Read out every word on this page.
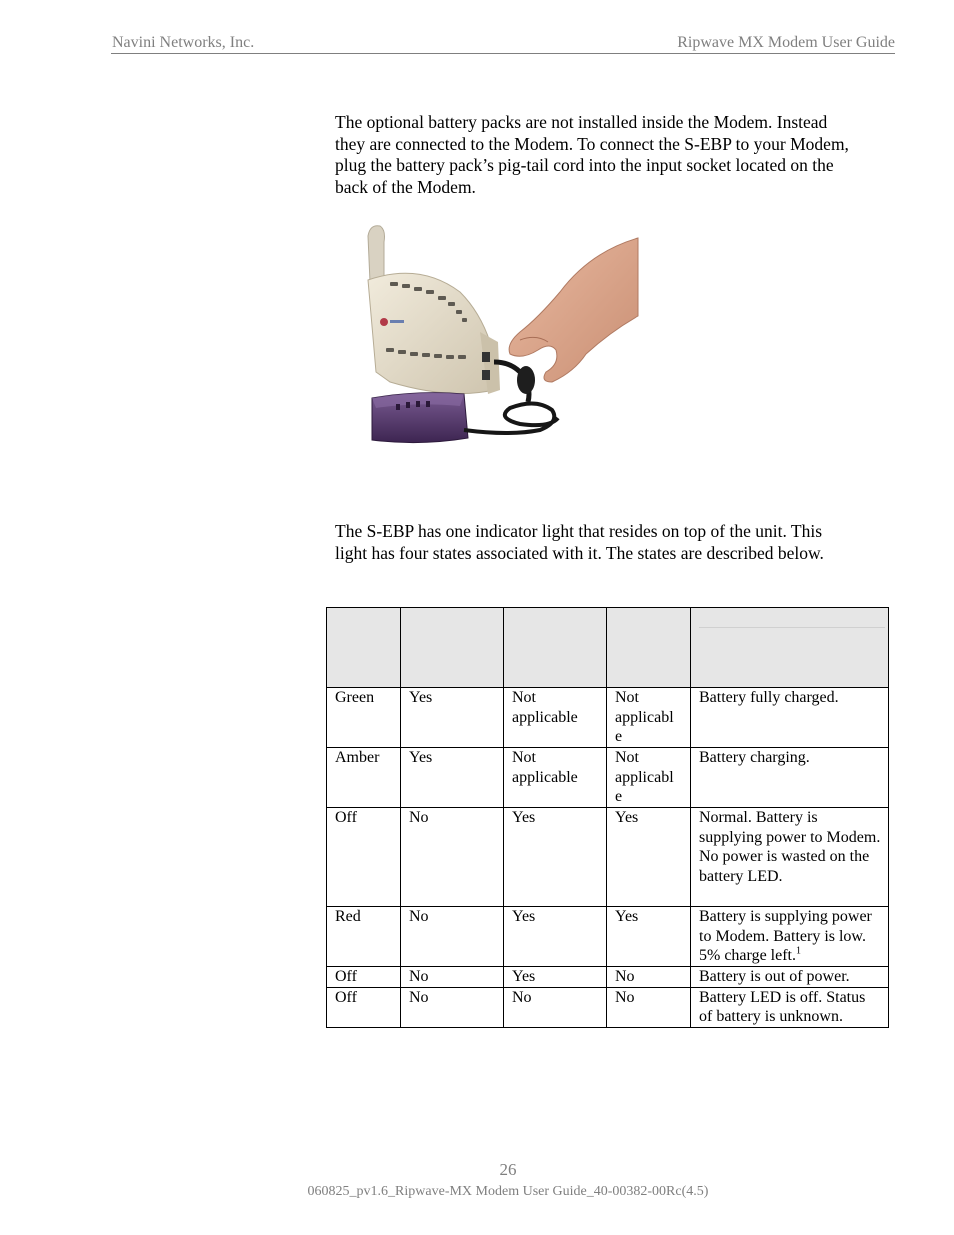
Navini Networks, Inc.	Ripwave MX Modem User Guide
The optional battery packs are not installed inside the Modem. Instead they are connected to the Modem. To connect the S-EBP to your Modem, plug the battery pack’s pig-tail cord into the input socket located on the back of the Modem.
The S-EBP has one indicator light that resides on top of the unit. This light has four states associated with it. The states are described below.

Green	Yes	Not applicable	Not applicabl e	Battery fully charged.
Amber	Yes	Not applicable	Not applicabl e	Battery charging.
Off	No	Yes	Yes	Normal. Battery is supplying power to Modem. No power is wasted on the battery LED.
Red	No	Yes	Yes	Battery is supplying power to Modem. Battery is low. 5% charge left.$^1$
Off	No	Yes	No	Battery is out of power.
Off	No	No	No	Battery LED is off. Status of battery is unknown.
26
060825_pv1.6_Ripwave-MX Modem User Guide_40-00382-00Rc(4.5)
